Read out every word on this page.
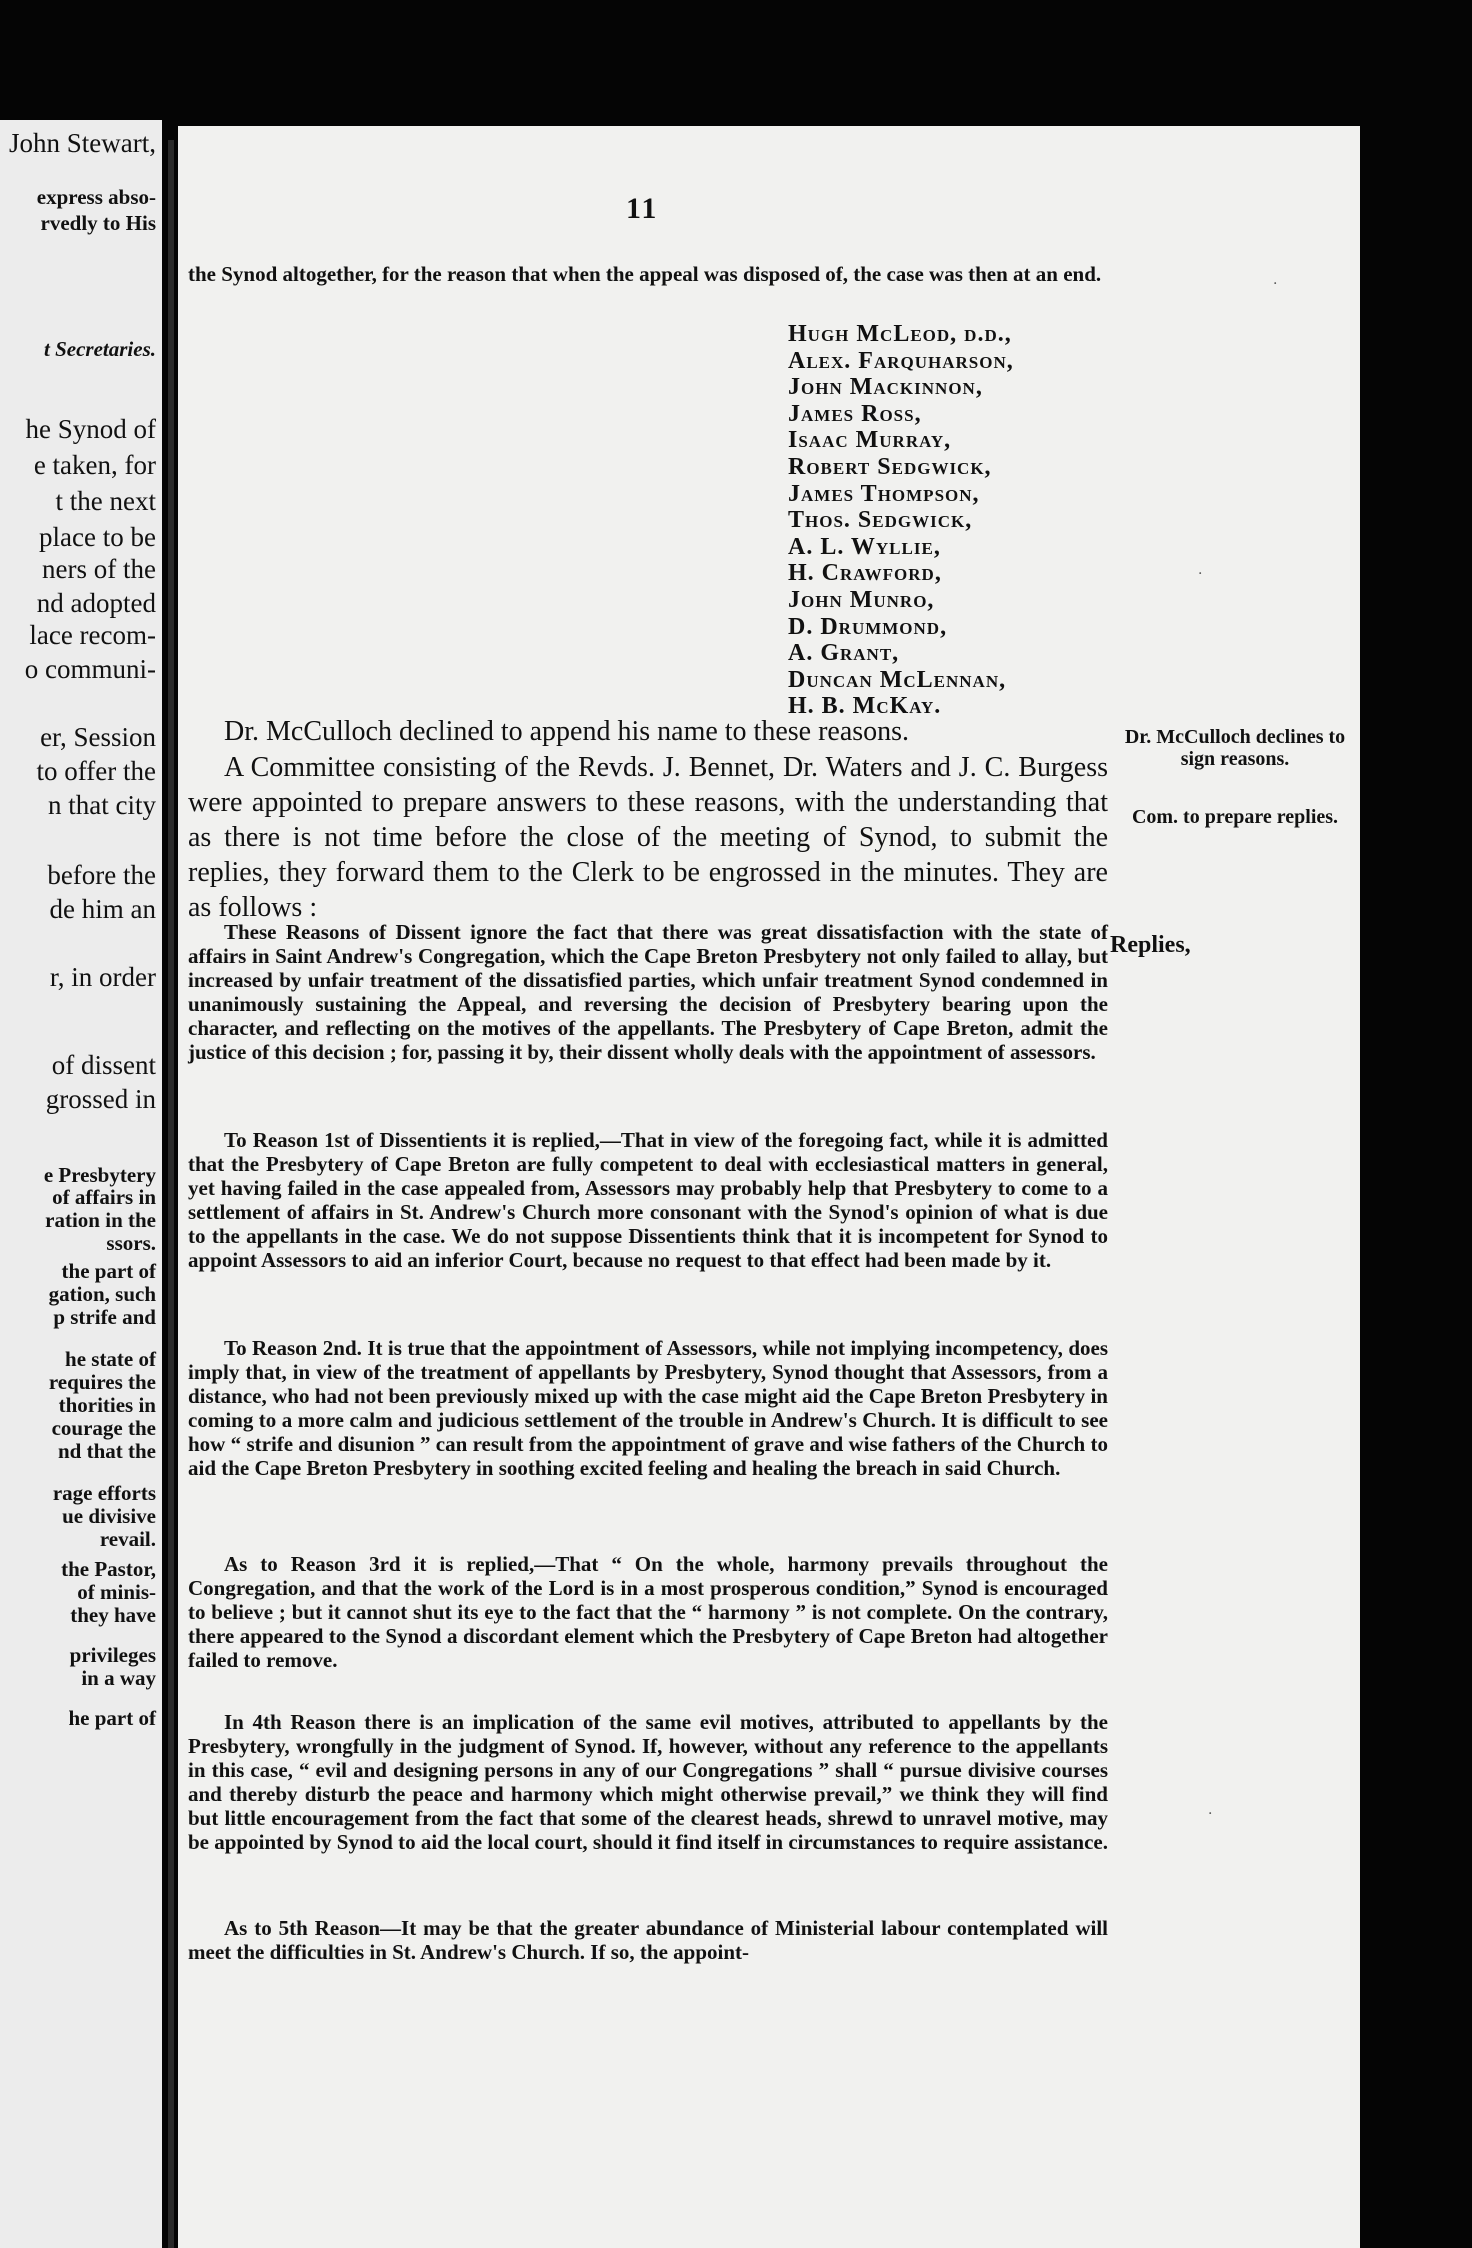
John Stewart,
express abso-
rvedly to His
t Secretaries.
he Synod of
e taken, for
t the next
place to be
ners of the
nd adopted
lace recom-
o communi-
er, Session
to offer the
n that city
before the
de him an
r, in order
of dissent
grossed in
e Presbytery
of affairs in
ration in the
ssors.
the part of
gation, such
p strife and
he state of
requires the
thorities in
courage the
nd that the
rage efforts
ue divisive
revail.
the Pastor,
of minis-
they have
privileges
in a way
he part of
11
the Synod altogether, for the reason that when the appeal was disposed of, the case was then at an end.
Hugh McLeod, d.d.,
Alex. Farquharson,
John Mackinnon,
James Ross,
Isaac Murray,
Robert Sedgwick,
James Thompson,
Thos. Sedgwick,
A. L. Wyllie,
H. Crawford,
John Munro,
D. Drummond,
A. Grant,
Duncan McLennan,
H. B. McKay.
Dr. McCulloch declined to append his name to these reasons.
A Committee consisting of the Revds. J. Bennet, Dr. Waters and J. C. Burgess were appointed to prepare answers to these reasons, with the understanding that as there is not time before the close of the meeting of Synod, to submit the replies, they forward them to the Clerk to be engrossed in the minutes. They are as follows :
These Reasons of Dissent ignore the fact that there was great dissatisfaction with the state of affairs in Saint Andrew's Congregation, which the Cape Breton Presbytery not only failed to allay, but increased by unfair treatment of the dissatisfied parties, which unfair treatment Synod condemned in unanimously sustaining the Appeal, and reversing the decision of Presbytery bearing upon the character, and reflecting on the motives of the appellants. The Presbytery of Cape Breton, admit the justice of this decision ; for, passing it by, their dissent wholly deals with the appointment of assessors.
To Reason 1st of Dissentients it is replied,—That in view of the foregoing fact, while it is admitted that the Presbytery of Cape Breton are fully competent to deal with ecclesiastical matters in general, yet having failed in the case appealed from, Assessors may probably help that Presbytery to come to a settlement of affairs in St. Andrew's Church more consonant with the Synod's opinion of what is due to the appellants in the case. We do not suppose Dissentients think that it is incompetent for Synod to appoint Assessors to aid an inferior Court, because no request to that effect had been made by it.
To Reason 2nd. It is true that the appointment of Assessors, while not implying incompetency, does imply that, in view of the treatment of appellants by Presbytery, Synod thought that Assessors, from a distance, who had not been previously mixed up with the case might aid the Cape Breton Presbytery in coming to a more calm and judicious settlement of the trouble in Andrew's Church. It is difficult to see how “ strife and disunion ” can result from the appointment of grave and wise fathers of the Church to aid the Cape Breton Presbytery in soothing excited feeling and healing the breach in said Church.
As to Reason 3rd it is replied,—That “ On the whole, harmony prevails throughout the Congregation, and that the work of the Lord is in a most prosperous condition,” Synod is encouraged to believe ; but it cannot shut its eye to the fact that the “ harmony ” is not complete. On the contrary, there appeared to the Synod a discordant element which the Presbytery of Cape Breton had altogether failed to remove.
In 4th Reason there is an implication of the same evil motives, attributed to appellants by the Presbytery, wrongfully in the judgment of Synod. If, however, without any reference to the appellants in this case, “ evil and designing persons in any of our Congregations ” shall “ pursue divisive courses and thereby disturb the peace and harmony which might otherwise prevail,” we think they will find but little encouragement from the fact that some of the clearest heads, shrewd to unravel motive, may be appointed by Synod to aid the local court, should it find itself in circumstances to require assistance.
As to 5th Reason—It may be that the greater abundance of Ministerial labour contemplated will meet the difficulties in St. Andrew's Church. If so, the appoint-
Dr. McCulloch declines to sign reasons.
Com. to prepare replies.
Replies,
·
·
·
